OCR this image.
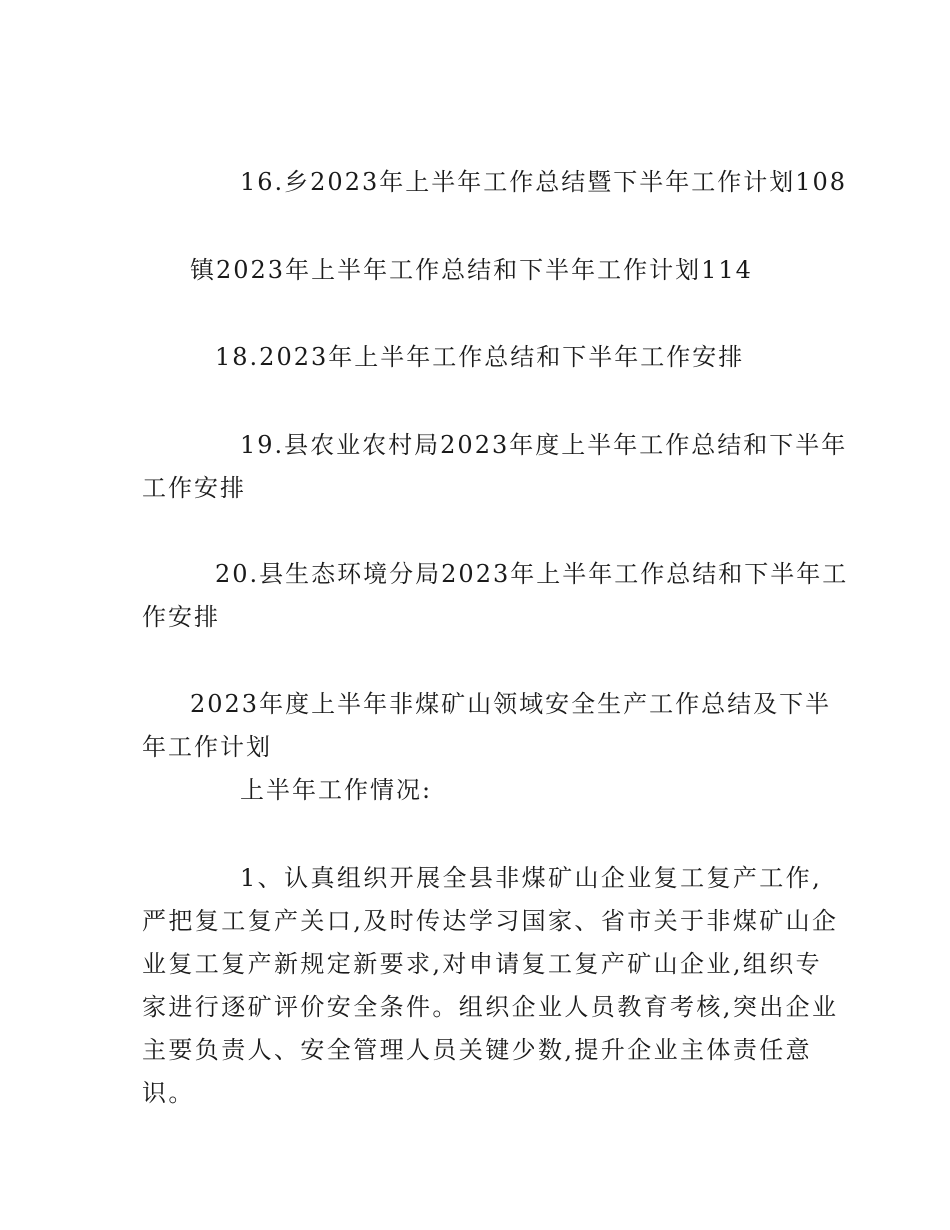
16.乡2023年上半年工作总结暨下半年工作计划108
镇2023年上半年工作总结和下半年工作计划114
18.2023年上半年工作总结和下半年工作安排
19.县农业农村局2023年度上半年工作总结和下半年
工作安排
20.县生态环境分局2023年上半年工作总结和下半年工
作安排
2023年度上半年非煤矿山领域安全生产工作总结及下半
年工作计划
上半年工作情况:
1、认真组织开展全县非煤矿山企业复工复产工作,
严把复工复产关口,及时传达学习国家、省市关于非煤矿山企
业复工复产新规定新要求,对申请复工复产矿山企业,组织专
家进行逐矿评价安全条件。组织企业人员教育考核,突出企业
主要负责人、安全管理人员关键少数,提升企业主体责任意
识。
